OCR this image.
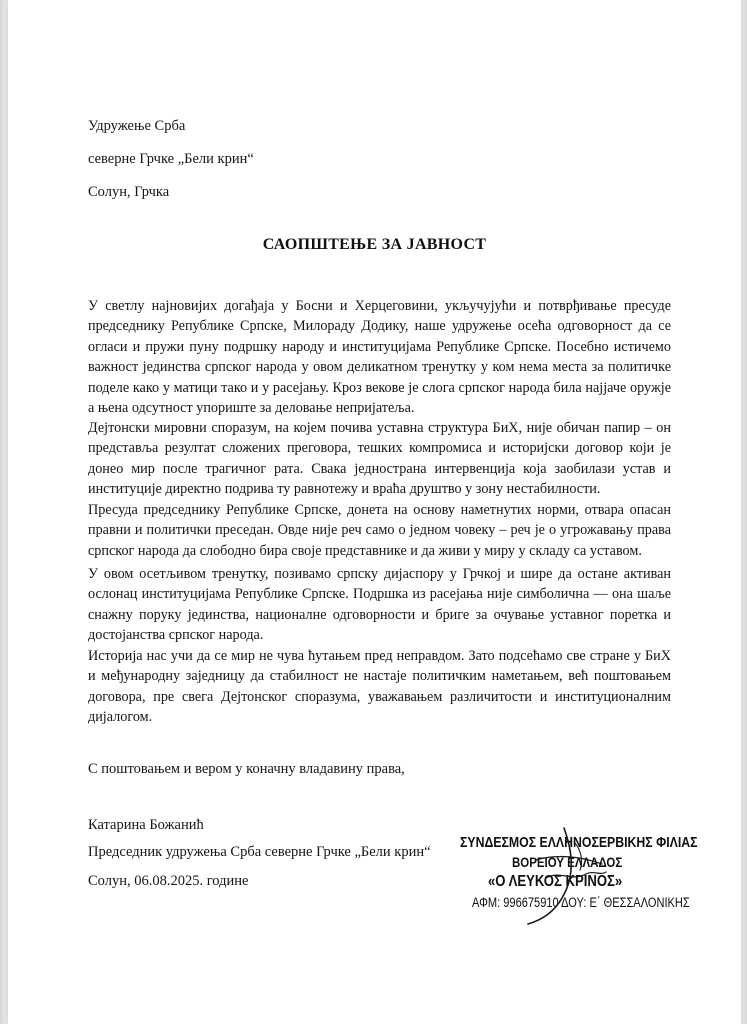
Удружење Срба
северне Грчке „Бели крин“
Солун, Грчка
САОПШТЕЊЕ ЗА ЈАВНОСТ
У светлу најновијих догађаја у Босни и Херцеговини, укључујући и потврђивање пресуде председнику Републике Српске, Милораду Додику, наше удружење осећа одговорност да се огласи и пружи пуну подршку народу и институцијама Републике Српске. Посебно истичемо важност јединства српског народа у овом деликатном тренутку у ком нема места за политичке поделе како у матици тако и у расејању. Кроз векове је слога српског народа била најјаче оружје а њена одсутност упориште за деловање непријатеља.
Дејтонски мировни споразум, на којем почива уставна структура БиХ, није обичан папир – он представља резултат сложених преговора, тешких компромиса и историјски договор који је донео мир после трагичног рата. Свака једнострана интервенција која заобилази устав и институције директно подрива ту равнотежу и враћа друштво у зону нестабилности.
Пресуда председнику Републике Српске, донета на основу наметнутих норми, отвара опасан правни и политички преседан. Овде није реч само о једном човеку – реч је о угрожавању права српског народа да слободно бира своје представнике и да живи у миру у складу са уставом.
У овом осетљивом тренутку, позивамо српску дијаспору у Грчкој и шире да остане активан ослонац институцијама Републике Српске. Подршка из расејања није симболична — она шаље снажну поруку јединства, националне одговорности и бриге за очување уставног поретка и достојанства српског народа.
Историја нас учи да се мир не чува ћутањем пред неправдом. Зато подсећамо све стране у БиХ и међународну заједницу да стабилност не настаје политичким наметањем, већ поштовањем договора, пре свега Дејтонског споразума, уважавањем различитости и институционалним дијалогом.
С поштовањем и вером у коначну владавину права,
Катарина Божанић
Председник удружења Срба северне Грчке „Бели крин“
Солун, 06.08.2025. године
ΣΥΝΔΕΣΜΟΣ ΕΛΛΗΝΟΣΕΡΒΙΚΗΣ ΦΙΛΙΑΣ
ΒΟΡΕΙΟΥ ΕΛΛΑΔΟΣ
«Ο ΛΕΥΚΟΣ ΚΡΙΝΟΣ»
ΑΦΜ: 996675910 ΔΟΥ: Ε΄ ΘΕΣΣΑΛΟΝΙΚΗΣ
